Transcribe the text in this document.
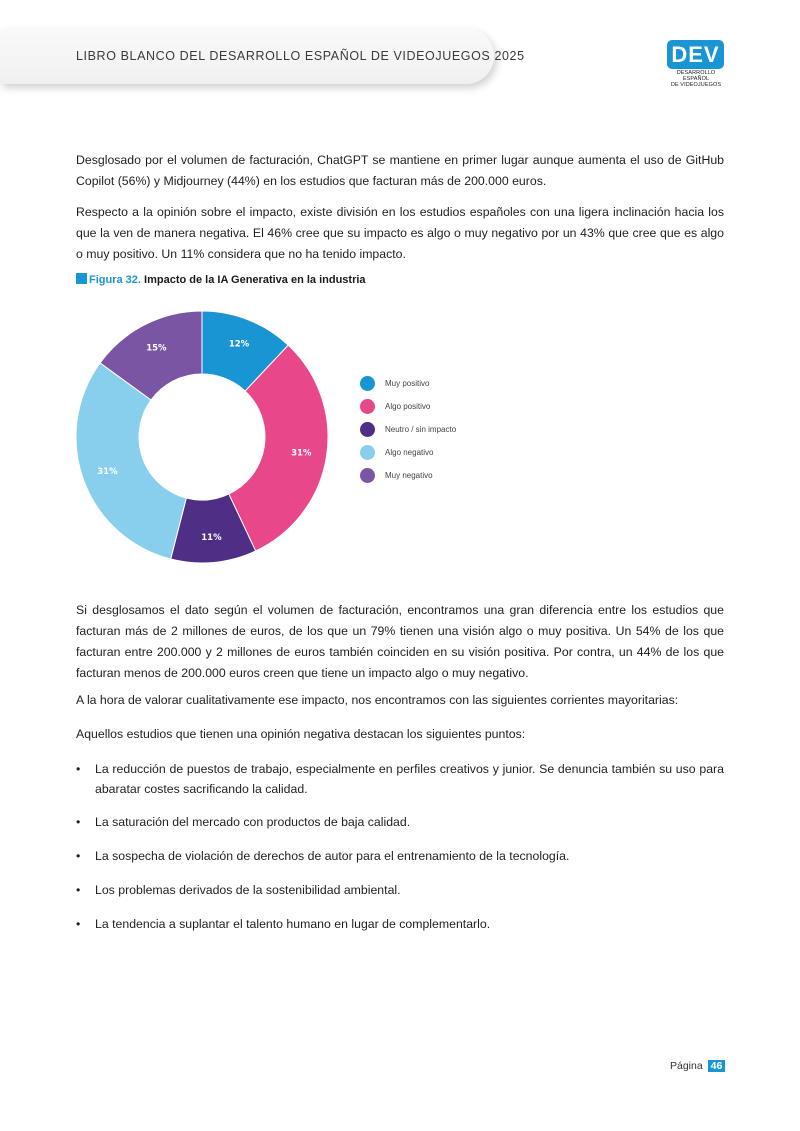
LIBRO BLANCO DEL DESARROLLO ESPAÑOL DE VIDEOJUEGOS 2025	DEV
DESARROLLO ESPAÑOL
DE VIDEOJUEGOS

Desglosado por el volumen de facturación, ChatGPT se mantiene en primer lugar aunque aumenta el uso de GitHub Copilot (56%) y Midjourney (44%) en los estudios que facturan más de 200.000 euros.

Respecto a la opinión sobre el impacto, existe división en los estudios españoles con una ligera inclinación hacia los que la ven de manera negativa. El 46% cree que su impacto es algo o muy negativo por un 43% que cree que es algo o muy positivo. Un 11% considera que no ha tenido impacto.

Figura 32. Impacto de la IA Generativa en la industria
12%
31%
11%
31%
15%
Muy positivo
Algo positivo
Neutro / sin impacto
Algo negativo
Muy negativo

Si desglosamos el dato según el volumen de facturación, encontramos una gran diferencia entre los estudios que facturan más de 2 millones de euros, de los que un 79% tienen una visión algo o muy positiva. Un 54% de los que facturan entre 200.000 y 2 millones de euros también coinciden en su visión positiva. Por contra, un 44% de los que facturan menos de 200.000 euros creen que tiene un impacto algo o muy negativo.

A la hora de valorar cualitativamente ese impacto, nos encontramos con las siguientes corrientes mayoritarias:

Aquellos estudios que tienen una opinión negativa destacan los siguientes puntos:

• La reducción de puestos de trabajo, especialmente en perfiles creativos y junior. Se denuncia también su uso para abaratar costes sacrificando la calidad.
• La saturación del mercado con productos de baja calidad.
• La sospecha de violación de derechos de autor para el entrenamiento de la tecnología.
• Los problemas derivados de la sostenibilidad ambiental.
• La tendencia a suplantar el talento humano en lugar de complementarlo.
Página 46
